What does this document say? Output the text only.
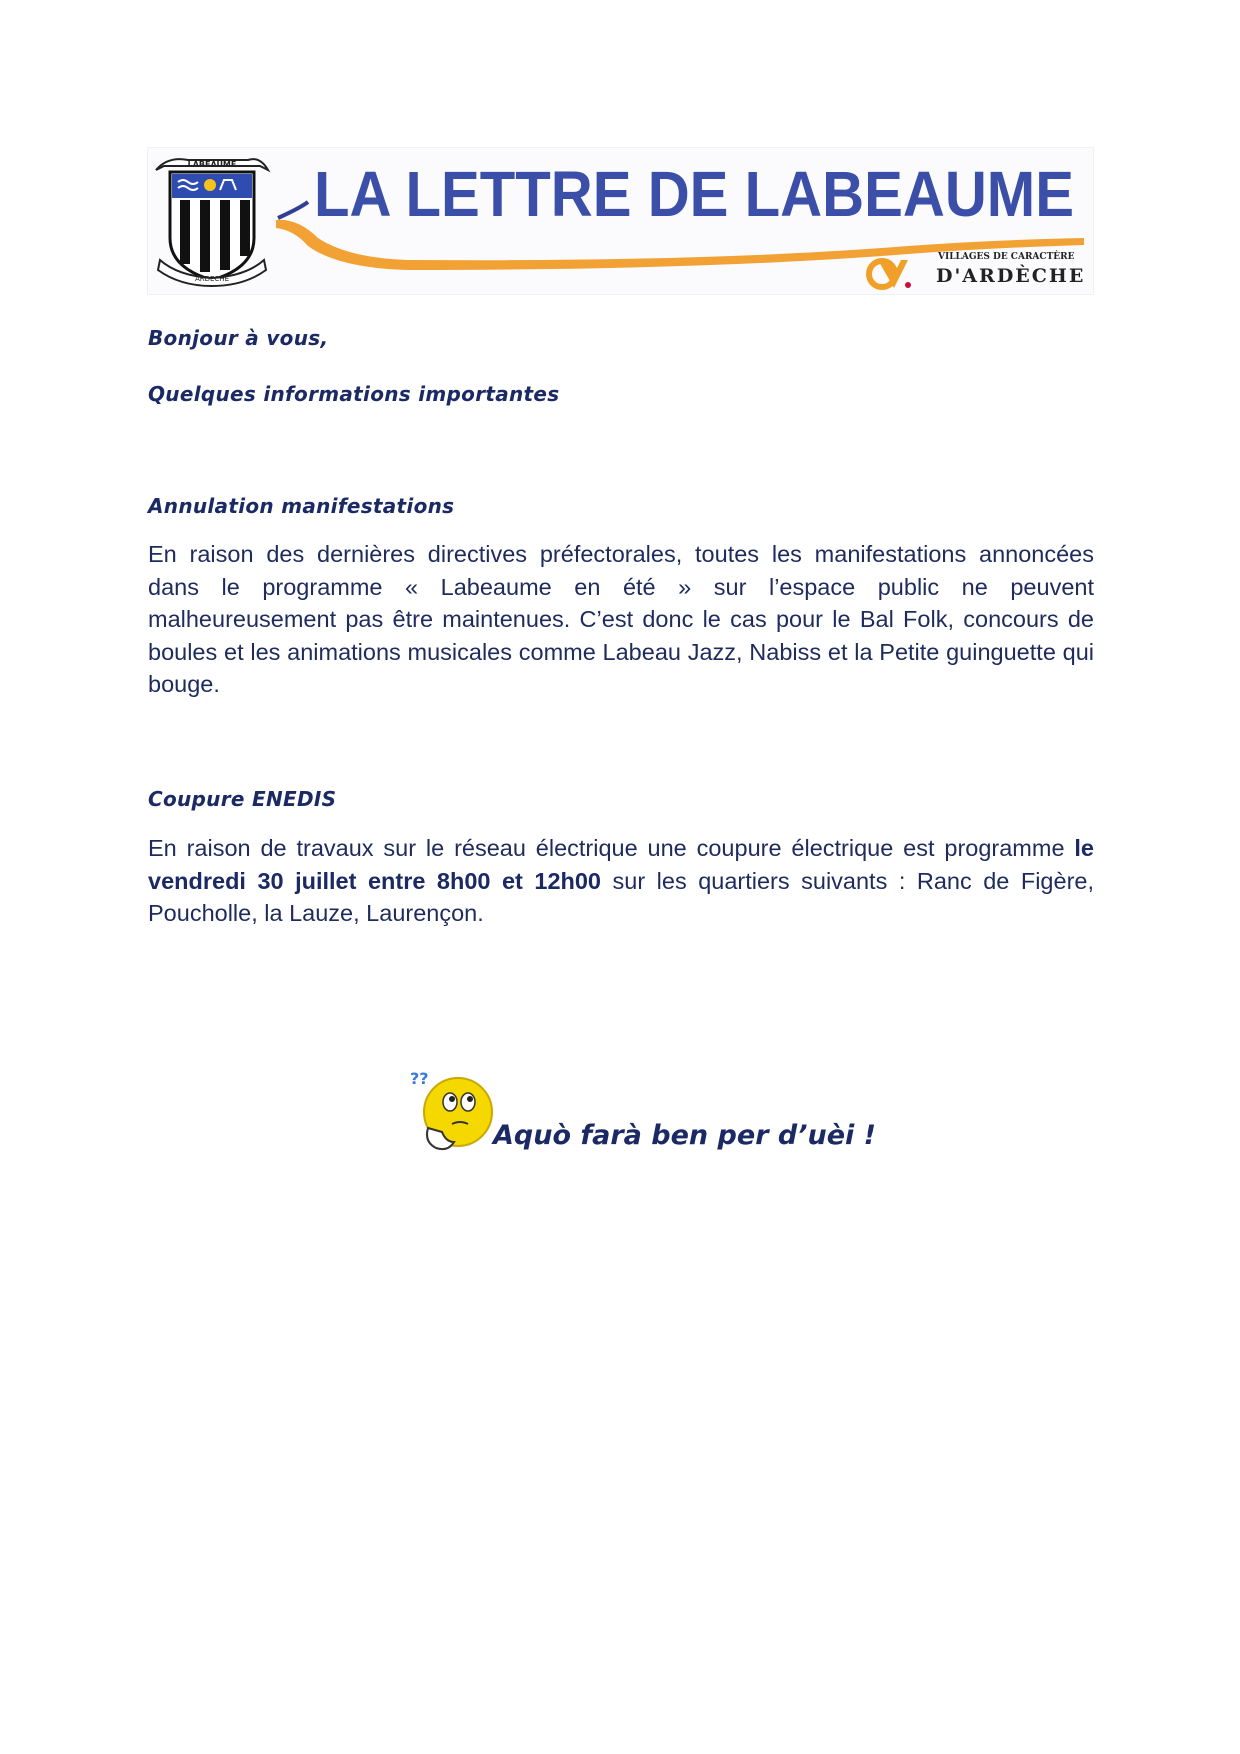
LABEAUME
ARDECHE
LA LETTRE DE LABEAUME
VILLAGES DE CARACTÈRE
D'ARDÈCHE
Bonjour à vous,
Quelques informations importantes
Annulation manifestations
En raison des dernières directives préfectorales, toutes les manifestations annoncées dans le programme « Labeaume en été » sur l’espace public ne peuvent malheureusement pas être maintenues. C’est donc le cas pour le Bal Folk, concours de boules et les animations musicales comme Labeau Jazz, Nabiss et la Petite guinguette qui bouge.
Coupure ENEDIS
En raison de travaux sur le réseau électrique une coupure électrique est programme le vendredi 30 juillet entre 8h00 et 12h00 sur les quartiers suivants : Ranc de Figère, Poucholle, la Lauze, Laurençon.
??
Aquò farà ben per d’uèi !
